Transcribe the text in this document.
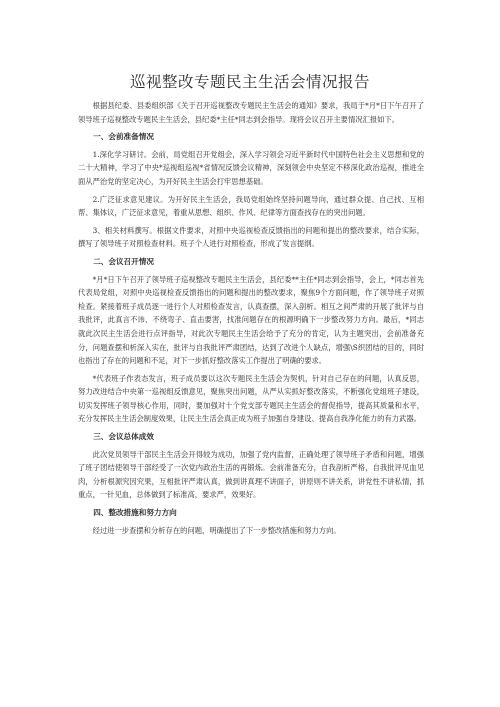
巡视整改专题民主生活会情况报告

根据县纪委、县委组织部《关于召开巡视整改专题民主生活会的通知》要求，我局于*月*日下午召开了领导班子巡视整改专题民主生活会，县纪委*主任*同志到会指导。现将会议召开主要情况汇报如下。

一、会前准备情况

1.深化学习研讨。会前，局党组召开党组会，深入学习领会习近平新时代中国特色社会主义思想和党的二十大精神，学习了中央*巡视组巡视*省情况反馈会议精神，深刻领会中央坚定不移深化政治巡视，推进全面从严治党的坚定决心，为开好民主生活会打牢思想基础。

2.广泛征求意见建议。为开好民主生活会，我局党组始终坚持问题导向，通过群众提、自己找、互相帮、集体议，广泛征求意见，着重从思想、组织、作风、纪律等方面查找存在的突出问题。

3、相关材料撰写。根据文件要求，对照中央巡视检查反馈指出的问题和提出的整改要求，结合实际，撰写了领导班子对照检查材料。班子个人进行对照检查，形成了发言提纲。

二、会议召开情况

*月*日下午召开了领导班子巡视整改专题民主生活会，县纪委**主任*同志到会指导，会上，*同志首先代表局党组，对照中央巡视检查反馈指出的问题和提出的整改要求，聚焦9个方面问题，作了领导班子对照检查。紧接着班子成员逐一进行个人对照检查发言，认真查摆，深入剖析。相互之间严肃的开展了批评与自我批评，此真言不讳、不绕弯子、直击要害，找准问题存在的根源明确下一步整改努力方向。最后，*同志就此次民主生活会进行点评指导，对此次专题民主生活会给予了充分的肯定，认为主题突出，会前准备充分，问题查摆和析深入实在，批评与自我批评严肃团结，达到了改进个人缺点，增强\S织团结的目的，同时也指出了存在的问题和不足，对下一步抓好整改落实工作提出了明确的要求。

*代表班子作表态发言，班子成员要以这次专题民主生活会为契机，针对自己存在的问题，认真反思，努力改进结合中央第一巡视组反馈意见，聚焦突出问题，从严从实抓好整改落实，不断强化党组班子建设，切实发挥班子领导核心作用，同时，要加强对十个党支部专题民主生活会的督促指导，提高其质量和水平，充分发挥民主生活会制度效果，让民主生活会真正成为班子加强自身建设、提高自我净化能力的有力武器。

三、会议总体成效

此次党员领导干部民主生活会开得较为成功，加强了党内监督，正确处理了领导班子矛盾和问题，增强了班子团结使领导干部经受了一次党内政治生活的再锻炼。会前准备充分，自我剖析严格，自我批评见血见肉，分析根源究因究果，互相批评严肃认真，做到讲真理不讲面子，讲原则不讲关系，讲党性不讲私情，抓重点，一针见血，总体做到了标准高，要求严，效果好。

四、整改措施和努力方向

经过进一步查摆和分析存在的问题，明确提出了下一步整改措施和努力方向。
